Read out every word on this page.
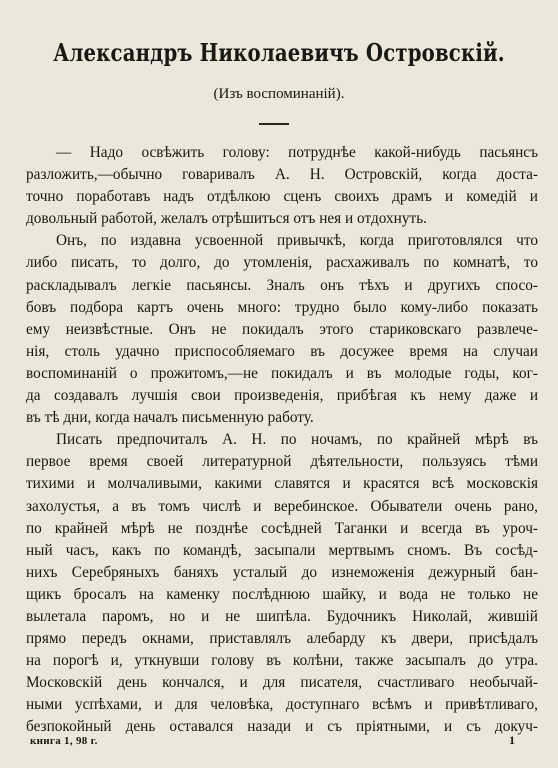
Александръ Николаевичъ Островскій.
(Изъ воспоминаній).
— Надо освѣжить голову: потруднѣе какой-нибудь пасьянсъ
разложить,—обычно говаривалъ А. Н. Островскій, когда доста-
точно поработавъ надъ отдѣлкою сценъ своихъ драмъ и комедій и
довольный работой, желалъ отрѣшиться отъ нея и отдохнуть.
Онъ, по издавна усвоенной привычкѣ, когда приготовлялся что
либо писать, то долго, до утомленія, расхаживалъ по комнатѣ, то
раскладывалъ легкіе пасьянсы. Зналъ онъ тѣхъ и другихъ спосо-
бовъ подбора картъ очень много: трудно было кому-либо показать
ему неизвѣстные. Онъ не покидалъ этого стариковскаго развлече-
нія, столь удачно приспособляемаго въ досужее время на случаи
воспоминаній о прожитомъ,—не покидалъ и въ молодые годы, ког-
да создавалъ лучшія свои произведенія, прибѣгая къ нему даже и
въ тѣ дни, когда началъ письменную работу.
Писать предпочиталъ А. Н. по ночамъ, по крайней мѣрѣ въ
первое время своей литературной дѣятельности, пользуясь тѣми
тихими и молчаливыми, какими славятся и красятся всѣ московскія
захолустья, а въ томъ числѣ и веребинское. Обыватели очень рано,
по крайней мѣрѣ не позднѣе сосѣдней Таганки и всегда въ уроч-
ный часъ, какъ по командѣ, засыпали мертвымъ сномъ. Въ сосѣд-
нихъ Серебряныхъ баняхъ усталый до изнеможенія дежурный бан-
щикъ бросалъ на каменку послѣднюю шайку, и вода не только не
вылетала паромъ, но и не шипѣла. Будочникъ Николай, жившій
прямо передъ окнами, приставлялъ алебарду къ двери, присѣдалъ
на порогѣ и, уткнувши голову въ колѣни, также засыпалъ до утра.
Московскій день кончался, и для писателя, счастливаго необычай-
ными успѣхами, и для человѣка, доступнаго всѣмъ и привѣтливаго,
безпокойный день оставался назади и съ пріятными, и съ докуч-
книга 1, 98 г.	1
